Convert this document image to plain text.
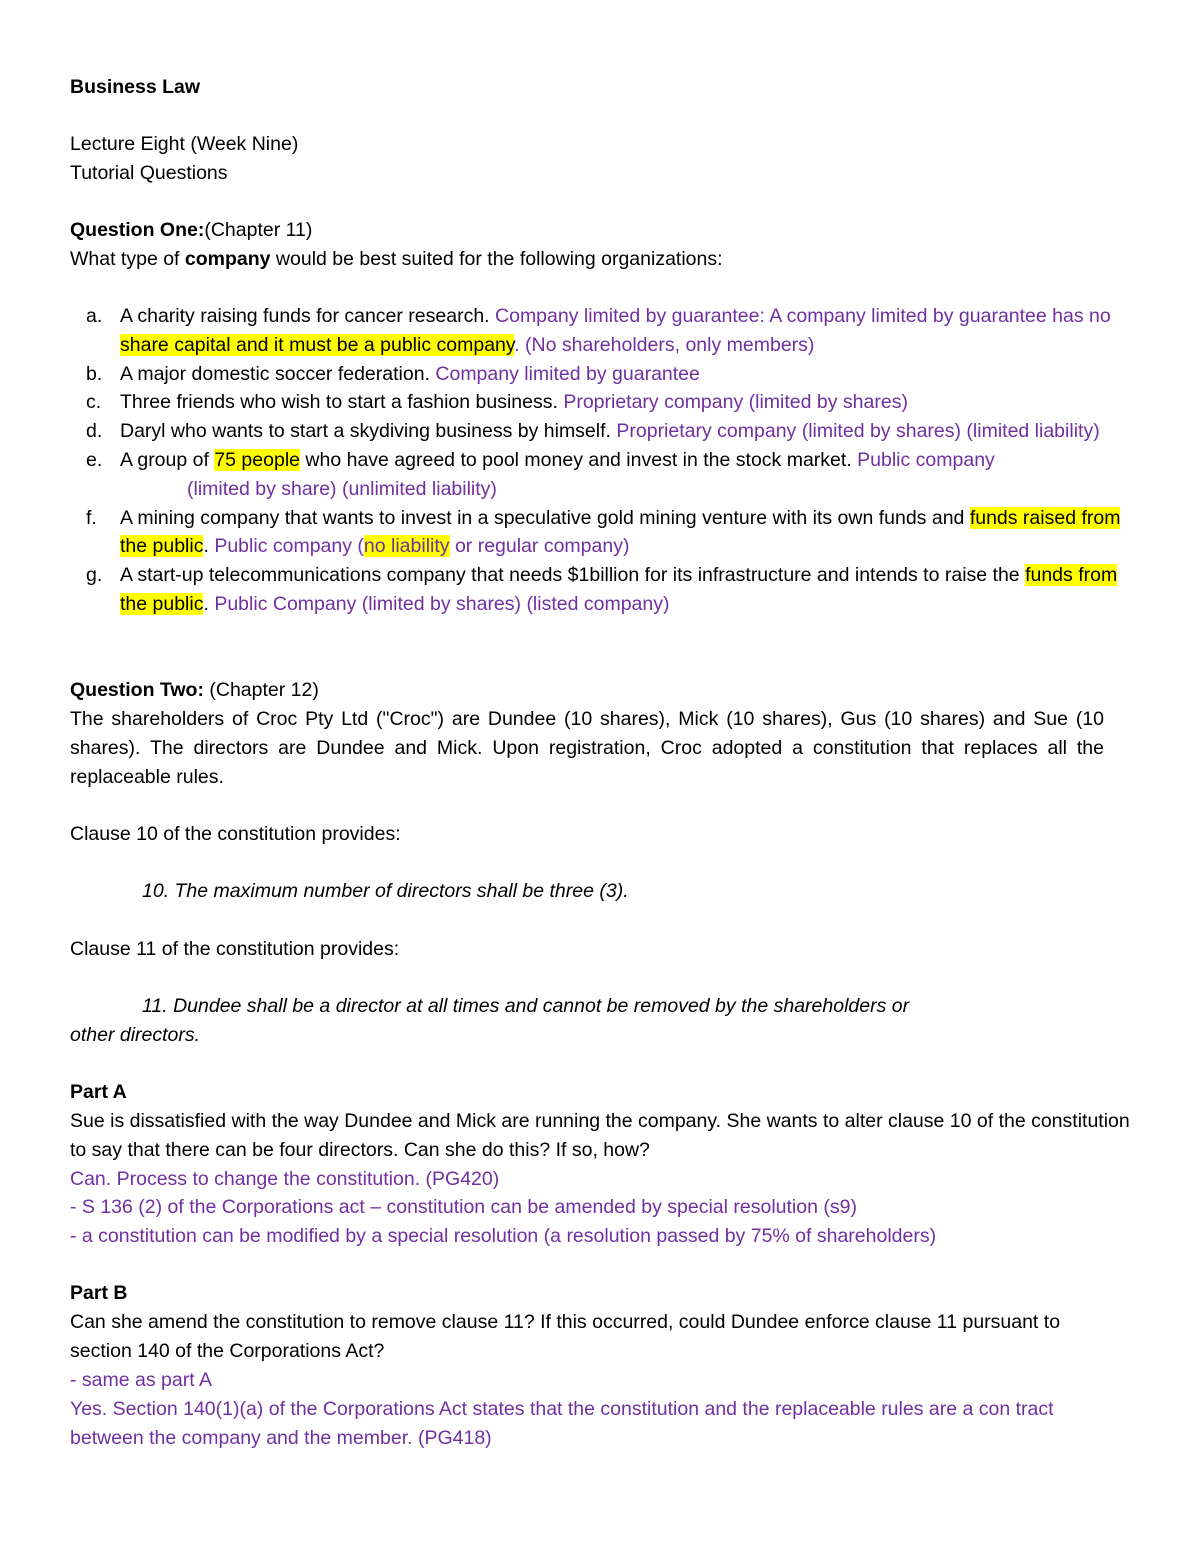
Business Law
Lecture Eight (Week Nine)
Tutorial Questions
Question One:(Chapter 11)
What type of company would be best suited for the following organizations:
a. A charity raising funds for cancer research. Company limited by guarantee: A company limited by guarantee has no share capital and it must be a public company. (No shareholders, only members)
b. A major domestic soccer federation. Company limited by guarantee
c. Three friends who wish to start a fashion business. Proprietary company (limited by shares)
d. Daryl who wants to start a skydiving business by himself. Proprietary company (limited by shares) (limited liability)
e. A group of 75 people who have agreed to pool money and invest in the stock market. Public company
(limited by share) (unlimited liability)
f. A mining company that wants to invest in a speculative gold mining venture with its own funds and funds raised from the public. Public company (no liability or regular company)
g. A start-up telecommunications company that needs $1billion for its infrastructure and intends to raise the funds from the public. Public Company (limited by shares) (listed company)
Question Two: (Chapter 12)
The shareholders of Croc Pty Ltd ("Croc") are Dundee (10 shares), Mick (10 shares), Gus (10 shares) and Sue (10 shares). The directors are Dundee and Mick. Upon registration, Croc adopted a constitution that replaces all the replaceable rules.
Clause 10 of the constitution provides:
10. The maximum number of directors shall be three (3).
Clause 11 of the constitution provides:
11. Dundee shall be a director at all times and cannot be removed by the shareholders or
other directors.
Part A
Sue is dissatisfied with the way Dundee and Mick are running the company. She wants to alter clause 10 of the constitution to say that there can be four directors. Can she do this? If so, how?
Can. Process to change the constitution. (PG420)
- S 136 (2) of the Corporations act – constitution can be amended by special resolution (s9)
- a constitution can be modified by a special resolution (a resolution passed by 75% of shareholders)
Part B
Can she amend the constitution to remove clause 11? If this occurred, could Dundee enforce clause 11 pursuant to section 140 of the Corporations Act?
- same as part A
Yes. Section 140(1)(a) of the Corporations Act states that the constitution and the replaceable rules are a con tract between the company and the member. (PG418)
